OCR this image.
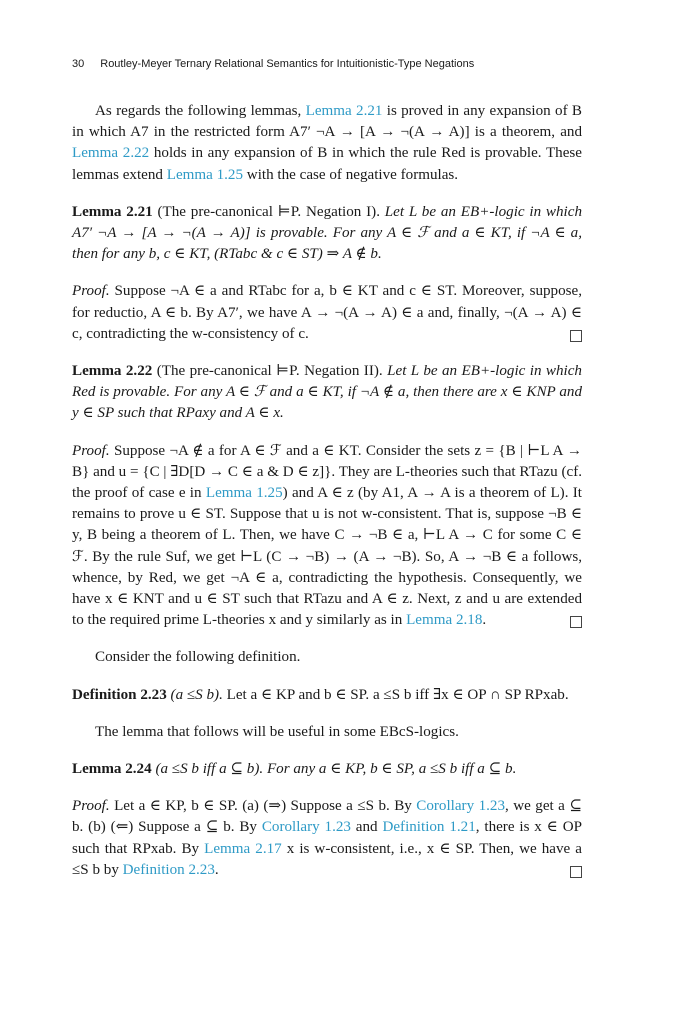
30 Routley-Meyer Ternary Relational Semantics for Intuitionistic-Type Negations

As regards the following lemmas, Lemma 2.21 is proved in any expansion of B in which A7 in the restricted form A7′ ¬A → [A → ¬(A → A)] is a theorem, and Lemma 2.22 holds in any expansion of B in which the rule Red is provable. These lemmas extend Lemma 1.25 with the case of negative formulas.

Lemma 2.21 (The pre-canonical ⊨P. Negation I). Let L be an EB+-logic in which A7′ ¬A → [A → ¬(A → A)] is provable. For any A ∈ ℱ and a ∈ KT, if ¬A ∈ a, then for any b, c ∈ KT, (RTabc & c ∈ ST) ⇒ A ∉ b.

Proof. Suppose ¬A ∈ a and RTabc for a, b ∈ KT and c ∈ ST. Moreover, suppose, for reductio, A ∈ b. By A7′, we have A → ¬(A → A) ∈ a and, finally, ¬(A → A) ∈ c, contradicting the w-consistency of c.

Lemma 2.22 (The pre-canonical ⊨P. Negation II). Let L be an EB+-logic in which Red is provable. For any A ∈ ℱ and a ∈ KT, if ¬A ∉ a, then there are x ∈ KNP and y ∈ SP such that RPaxy and A ∈ x.

Proof. Suppose ¬A ∉ a for A ∈ ℱ and a ∈ KT. Consider the sets z = {B | ⊢L A → B} and u = {C | ∃D[D → C ∈ a & D ∈ z]}. They are L-theories such that RTazu (cf. the proof of case e in Lemma 1.25) and A ∈ z (by A1, A → A is a theorem of L). It remains to prove u ∈ ST. Suppose that u is not w-consistent. That is, suppose ¬B ∈ y, B being a theorem of L. Then, we have C → ¬B ∈ a, ⊢L A → C for some C ∈ ℱ. By the rule Suf, we get ⊢L (C → ¬B) → (A → ¬B). So, A → ¬B ∈ a follows, whence, by Red, we get ¬A ∈ a, contradicting the hypothesis. Consequently, we have x ∈ KNT and u ∈ ST such that RTazu and A ∈ z. Next, z and u are extended to the required prime L-theories x and y similarly as in Lemma 2.18.

Consider the following definition.

Definition 2.23 (a ≤S b). Let a ∈ KP and b ∈ SP. a ≤S b iff ∃x ∈ OP ∩ SP RPxab.

The lemma that follows will be useful in some EBcS-logics.

Lemma 2.24 (a ≤S b iff a ⊆ b). For any a ∈ KP, b ∈ SP, a ≤S b iff a ⊆ b.

Proof. Let a ∈ KP, b ∈ SP. (a) (⇒) Suppose a ≤S b. By Corollary 1.23, we get a ⊆ b. (b) (⇐) Suppose a ⊆ b. By Corollary 1.23 and Definition 1.21, there is x ∈ OP such that RPxab. By Lemma 2.17 x is w-consistent, i.e., x ∈ SP. Then, we have a ≤S b by Definition 2.23.
